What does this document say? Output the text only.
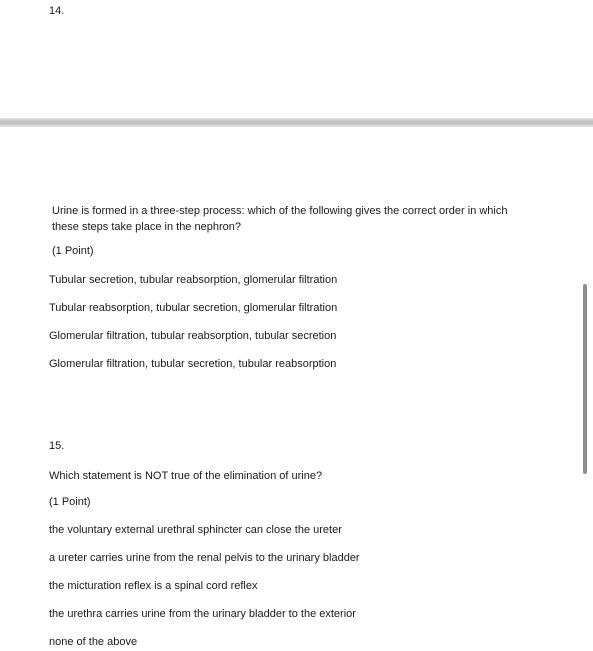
14.
Urine is formed in a three-step process: which of the following gives the correct order in which
these steps take place in the nephron?
(1 Point)
Tubular secretion, tubular reabsorption, glomerular filtration
Tubular reabsorption, tubular secretion, glomerular filtration
Glomerular filtration, tubular reabsorption, tubular secretion
Glomerular filtration, tubular secretion, tubular reabsorption
15.
Which statement is NOT true of the elimination of urine?
(1 Point)
the voluntary external urethral sphincter can close the ureter
a ureter carries urine from the renal pelvis to the urinary bladder
the micturation reflex is a spinal cord reflex
the urethra carries urine from the urinary bladder to the exterior
none of the above
